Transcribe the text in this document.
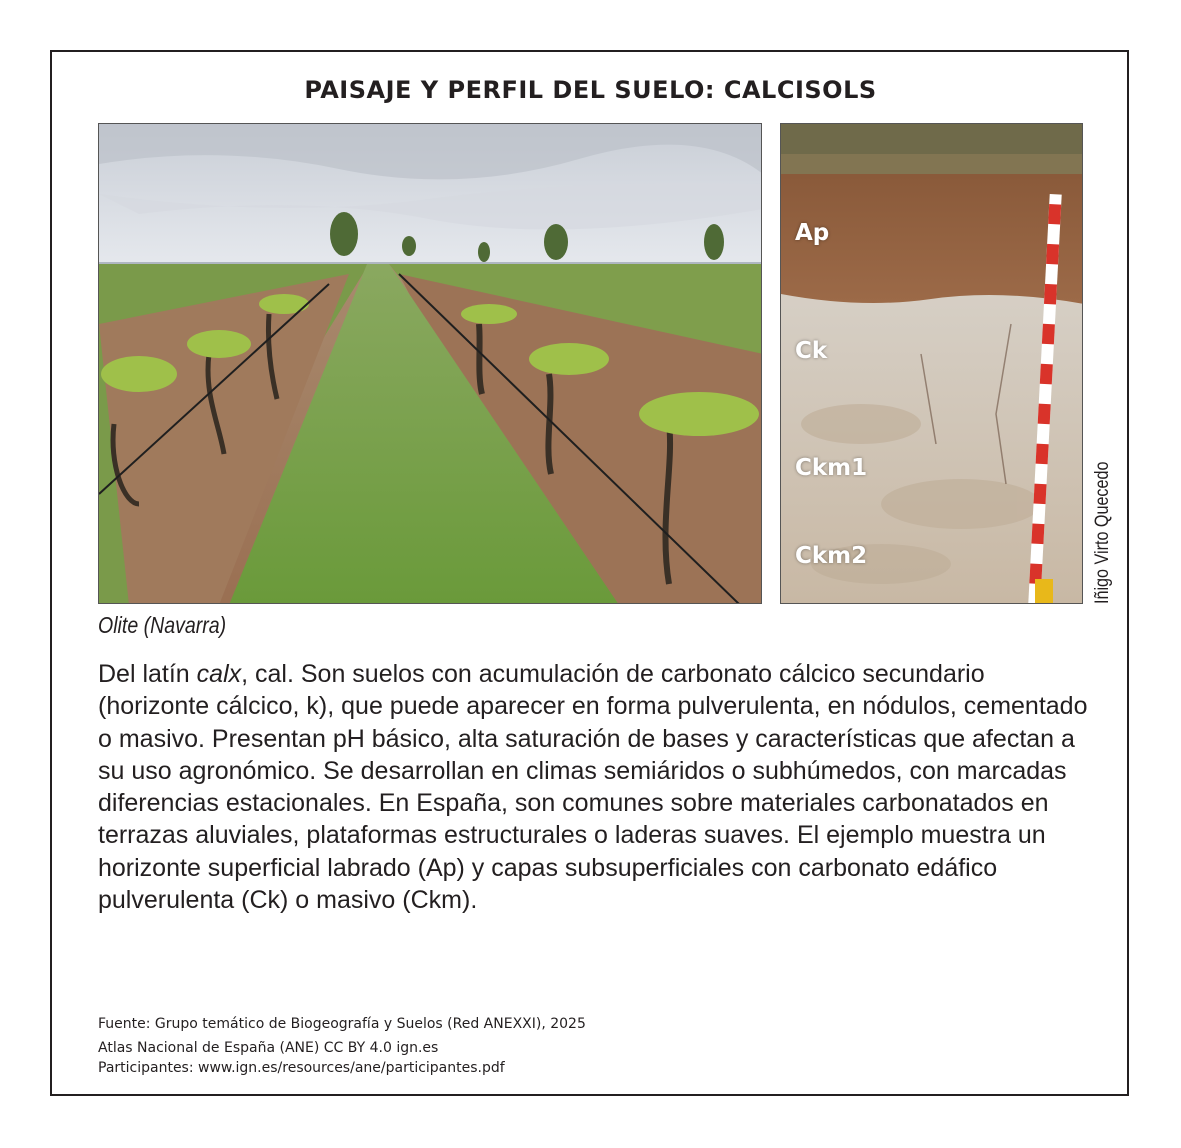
PAISAJE Y PERFIL DEL SUELO: CALCISOLS
Ap
Ck
Ckm1
Ckm2	Iñigo Virto Quecedo
Olite (Navarra)

Del latín calx, cal. Son suelos con acumulación de carbonato cálcico secundario (horizonte cálcico, k), que puede aparecer en forma pulverulenta, en nódulos, cementado o masivo. Presentan pH básico, alta saturación de bases y características que afectan a su uso agronómico. Se desarrollan en climas semiáridos o subhúmedos, con marcadas diferencias estacionales. En España, son comunes sobre materiales carbonatados en terrazas aluviales, plataformas estructurales o laderas suaves. El ejemplo muestra un horizonte superficial labrado (Ap) y capas subsuperficiales con carbonato edáfico pulverulenta (Ck) o masivo (Ckm).

Fuente: Grupo temático de Biogeografía y Suelos (Red ANEXXI), 2025
Atlas Nacional de España (ANE) CC BY 4.0 ign.es
Participantes: www.ign.es/resources/ane/participantes.pdf
